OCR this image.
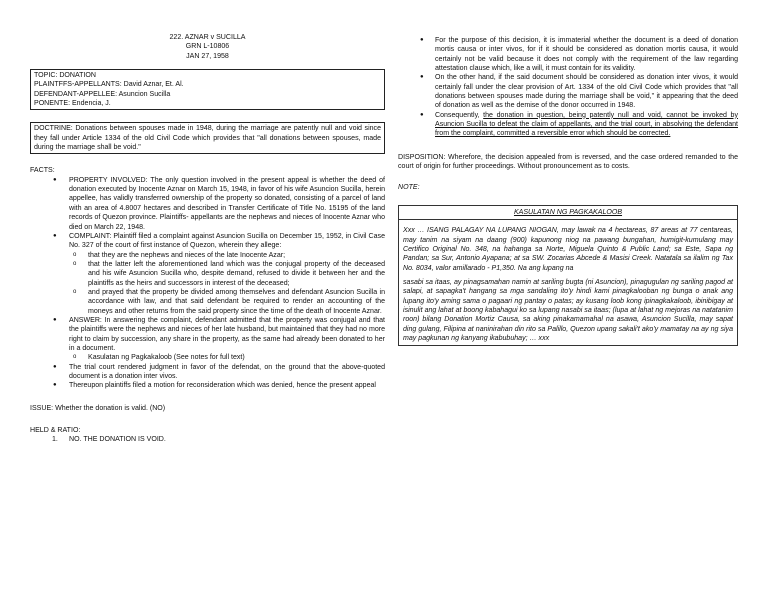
222. AZNAR v SUCILLA
GRN L-10806
JAN 27, 1958
TOPIC: DONATION
PLAINTFFS-APPELLANTS: David Aznar, Et. Al.
DEFENDANT-APPELLEE: Asuncion Sucilla
PONENTE: Endencia, J.
DOCTRINE: Donations between spouses made in 1948, during the marriage are patently null and void since they fall under Article 1334 of the old Civil Code which provides that "all donations between spouses, made during the marriage shall be void."
FACTS:
● PROPERTY INVOLVED: The only question involved in the present appeal is whether the deed of donation executed by Inocente Aznar on March 15, 1948, in favor of his wife Asuncion Sucilla, herein appellee, has validly transferred ownership of the property so donated, consisting of a parcel of land with an area of 4.8007 hectares and described in Transfer Certificate of Title No. 15195 of the land records of Quezon province. Plaintiffs- appellants are the nephews and nieces of Inocente Aznar who died on March 22, 1948.
● COMPLAINT: Plaintiff filed a complaint against Asuncion Sucilla on December 15, 1952, in Civil Case No. 327 of the court of first instance of Quezon, wherein they allege:
o that they are the nephews and nieces of the late Inocente Azar;
o that the latter left the aforementioned land which was the conjugal property of the deceased and his wife Asuncion Sucilla who, despite demand, refused to divide it between her and the plaintiffs as the heirs and successors in interest of the deceased;
o and prayed that the property be divided among themselves and defendant Asuncion Sucilla in accordance with law, and that said defendant be required to render an accounting of the moneys and other returns from the said property since the time of the death of Inocente Aznar.
● ANSWER: In answering the complaint, defendant admitted that the property was conjugal and that the plaintiffs were the nephews and nieces of her late husband, but maintained that they had no more right to claim by succession, any share in the property, as the same had already been donated to her in a document.
o Kasulatan ng Pagkakaloob (See notes for full text)
● The trial court rendered judgment in favor of the defendat, on the ground that the above-quoted document is a donation inter vivos.
● Thereupon plaintiffs filed a motion for reconsideration which was denied, hence the present appeal
ISSUE: Whether the donation is valid. (NO)
HELD & RATIO:
1. NO. THE DONATION IS VOID.
● For the purpose of this decision, it is immaterial whether the document is a deed of donation mortis causa or inter vivos, for if it should be considered as donation mortis causa, it would certainly not be valid because it does not comply with the requirement of the law regarding attestation clause which, like a will, it must contain for its validity.
● On the other hand, if the said document should be considered as donation inter vivos, it would certainly fall under the clear provision of Art. 1334 of the old Civil Code which provides that "all donations between spouses made during the marriage shall be void," it appearing that the deed of donation as well as the demise of the donor occurred in 1948.
● Consequently, the donation in question, being patently null and void, cannot be invoked by Asuncion Sucilla to defeat the claim of appellants, and the trial court, in absolving the defendant from the complaint, committed a reversible error which should be corrected.
DISPOSITION: Wherefore, the decision appealed from is reversed, and the case ordered remanded to the court of origin for further proceedings. Without pronouncement as to costs.
NOTE:
KASULATAN NG PAGKAKALOOB
Xxx … ISANG PALAGAY NA LUPANG NIOGAN, may lawak na 4 hectareas, 87 areas at 77 centareas, may tanim na siyam na daang (900) kapunong niog na pawang bungahan, humigit-kumulang may Certifico Original No. 348, na hahanga sa Norte, Miguela Quinto & Public Land; sa Este, Sapa ng Pandan; sa Sur, Antonio Ayapana; at sa SW. Zocarias Abcede & Masisi Creek. Natatala sa ilalim ng Tax No. 8034, valor amillarado - P1,350. Na ang lupang na
sasabi sa itaas, ay pinagsamahan namin at sariling bugta (ni Asuncion), pinagugulan ng sariling pagod at salapi, at sapagka't hangang sa mga sandaling ito'y hindi kami pinagkalooban ng bunga o anak ang lupang ito'y aming sama o pagaari ng pantay o patas; ay kusang loob kong ipinagkakaloob, ibinibigay at isinulit ang lahat at boong kabahagui ko sa lupang nasabi sa itaas; (lupa at lahat ng mejoras na natatanim roon) bilang Donation Mortiz Causa, sa aking pinakamamahal na asawa, Asuncion Sucilla, may sapat ding gulang, Filipina at naninirahan din rito sa Palillo, Quezon upang sakali't ako'y mamatay na ay ng siya may pagkunan ng kanyang ikabubuhay; … xxx
